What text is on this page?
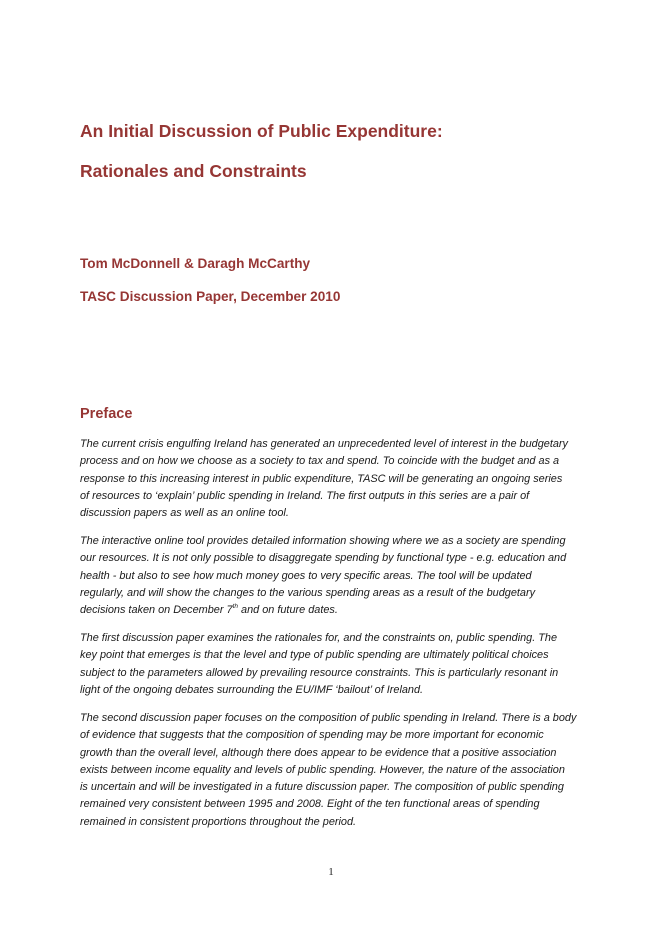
An Initial Discussion of Public Expenditure:
Rationales and Constraints
Tom McDonnell & Daragh McCarthy
TASC Discussion Paper, December 2010
Preface

The current crisis engulfing Ireland has generated an unprecedented level of interest in the budgetary
process and on how we choose as a society to tax and spend. To coincide with the budget and as a
response to this increasing interest in public expenditure, TASC will be generating an ongoing series
of resources to ‘explain’ public spending in Ireland. The first outputs in this series are a pair of
discussion papers as well as an online tool.

The interactive online tool provides detailed information showing where we as a society are spending
our resources. It is not only possible to disaggregate spending by functional type - e.g. education and
health - but also to see how much money goes to very specific areas. The tool will be updated
regularly, and will show the changes to the various spending areas as a result of the budgetary
decisions taken on December 7th and on future dates.

The first discussion paper examines the rationales for, and the constraints on, public spending. The
key point that emerges is that the level and type of public spending are ultimately political choices
subject to the parameters allowed by prevailing resource constraints. This is particularly resonant in
light of the ongoing debates surrounding the EU/IMF ‘bailout’ of Ireland.

The second discussion paper focuses on the composition of public spending in Ireland. There is a body
of evidence that suggests that the composition of spending may be more important for economic
growth than the overall level, although there does appear to be evidence that a positive association
exists between income equality and levels of public spending. However, the nature of the association
is uncertain and will be investigated in a future discussion paper. The composition of public spending
remained very consistent between 1995 and 2008. Eight of the ten functional areas of spending
remained in consistent proportions throughout the period.

1
